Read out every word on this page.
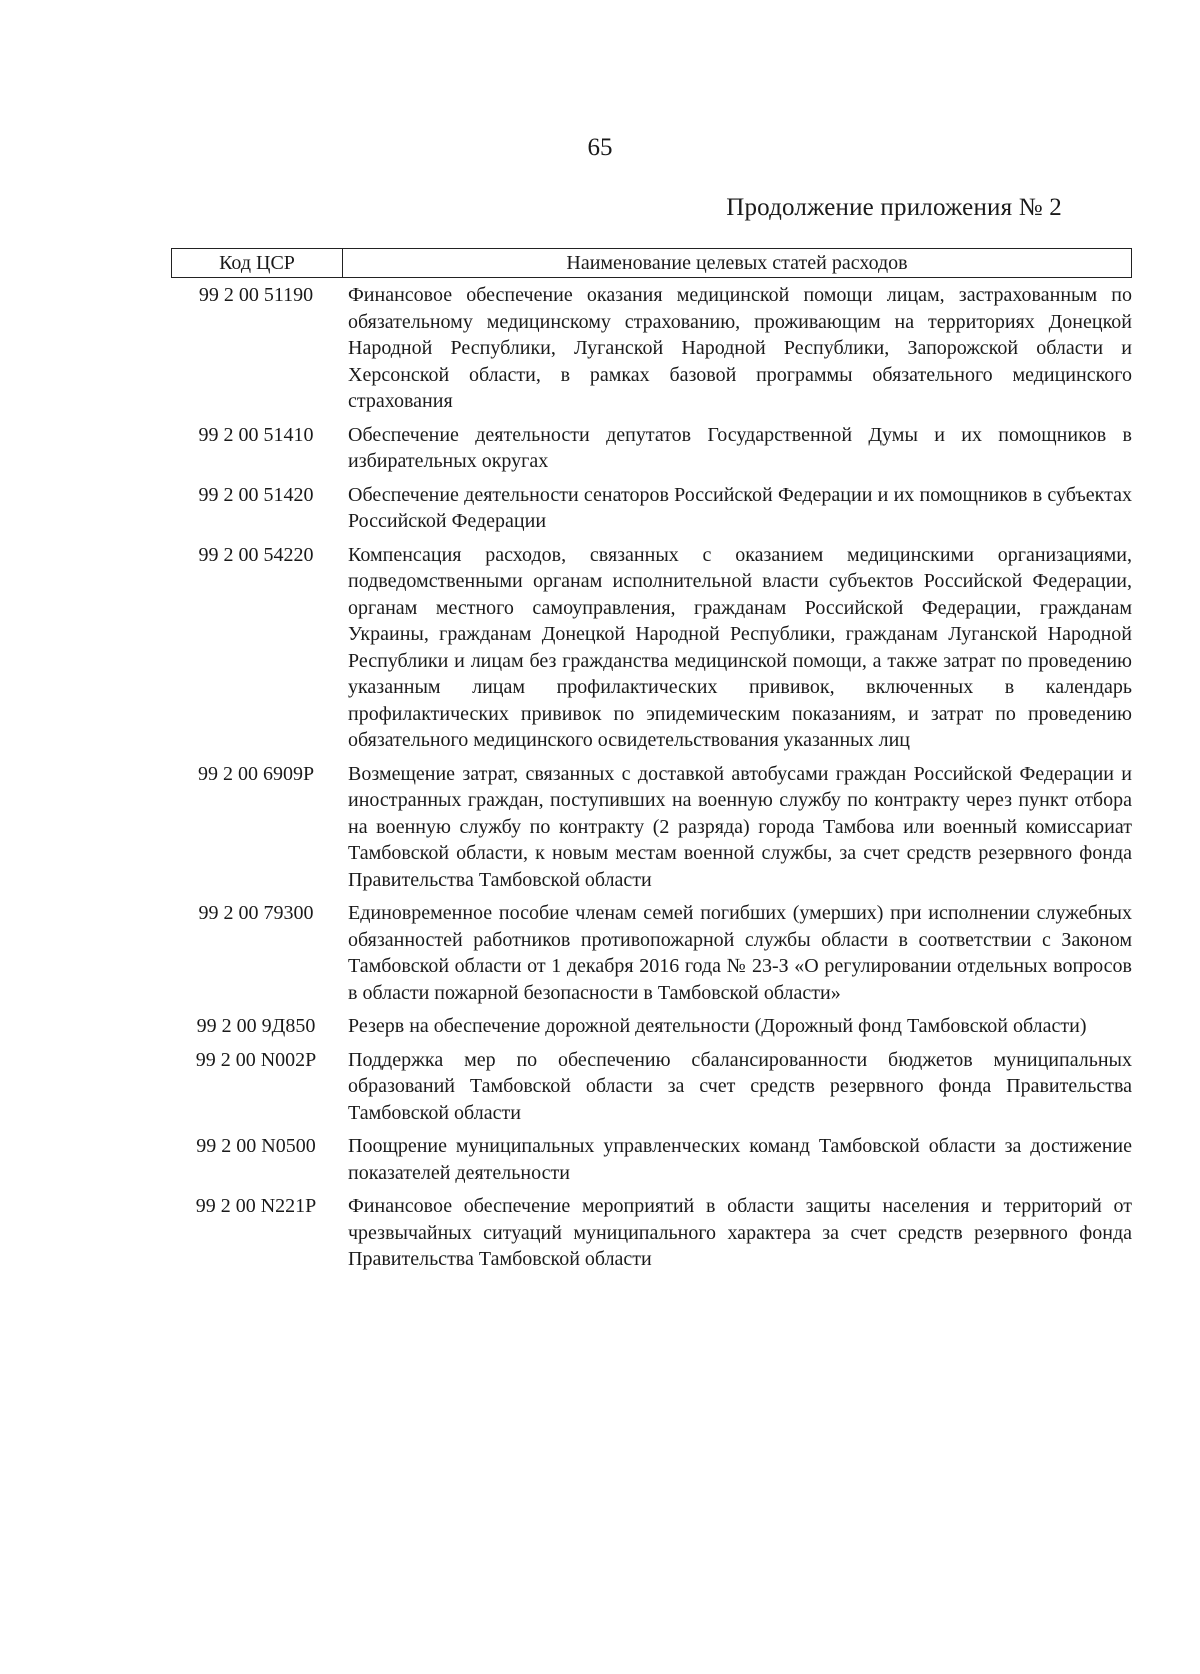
65
Продолжение приложения № 2
Код ЦСР	Наименование целевых статей расходов
99 2 00 51190	Финансовое обеспечение оказания медицинской помощи лицам, застрахованным по обязательному медицинскому страхованию, проживающим на территориях Донецкой Народной Республики, Луганской Народной Республики, Запорожской области и Херсонской области, в рамках базовой программы обязательного медицинского страхования
99 2 00 51410	Обеспечение деятельности депутатов Государственной Думы и их помощников в избирательных округах
99 2 00 51420	Обеспечение деятельности сенаторов Российской Федерации и их помощников в субъектах Российской Федерации
99 2 00 54220	Компенсация расходов, связанных с оказанием медицинскими организациями, подведомственными органам исполнительной власти субъектов Российской Федерации, органам местного самоуправления, гражданам Российской Федерации, гражданам Украины, гражданам Донецкой Народной Республики, гражданам Луганской Народной Республики и лицам без гражданства медицинской помощи, а также затрат по проведению указанным лицам профилактических прививок, включенных в календарь профилактических прививок по эпидемическим показаниям, и затрат по проведению обязательного медицинского освидетельствования указанных лиц
99 2 00 6909Р	Возмещение затрат, связанных с доставкой автобусами граждан Российской Федерации и иностранных граждан, поступивших на военную службу по контракту через пункт отбора на военную службу по контракту (2 разряда) города Тамбова или военный комиссариат Тамбовской области, к новым местам военной службы, за счет средств резервного фонда Правительства Тамбовской области
99 2 00 79300	Единовременное пособие членам семей погибших (умерших) при исполнении служебных обязанностей работников противопожарной службы области в соответствии с Законом Тамбовской области от 1 декабря 2016 года № 23-З «О регулировании отдельных вопросов в области пожарной безопасности в Тамбовской области»
99 2 00 9Д850	Резерв на обеспечение дорожной деятельности (Дорожный фонд Тамбовской области)
99 2 00 N002P	Поддержка мер по обеспечению сбалансированности бюджетов муниципальных образований Тамбовской области за счет средств резервного фонда Правительства Тамбовской области
99 2 00 N0500	Поощрение муниципальных управленческих команд Тамбовской области за достижение показателей деятельности
99 2 00 N221P	Финансовое обеспечение мероприятий в области защиты населения и территорий от чрезвычайных ситуаций муниципального характера за счет средств резервного фонда Правительства Тамбовской области
